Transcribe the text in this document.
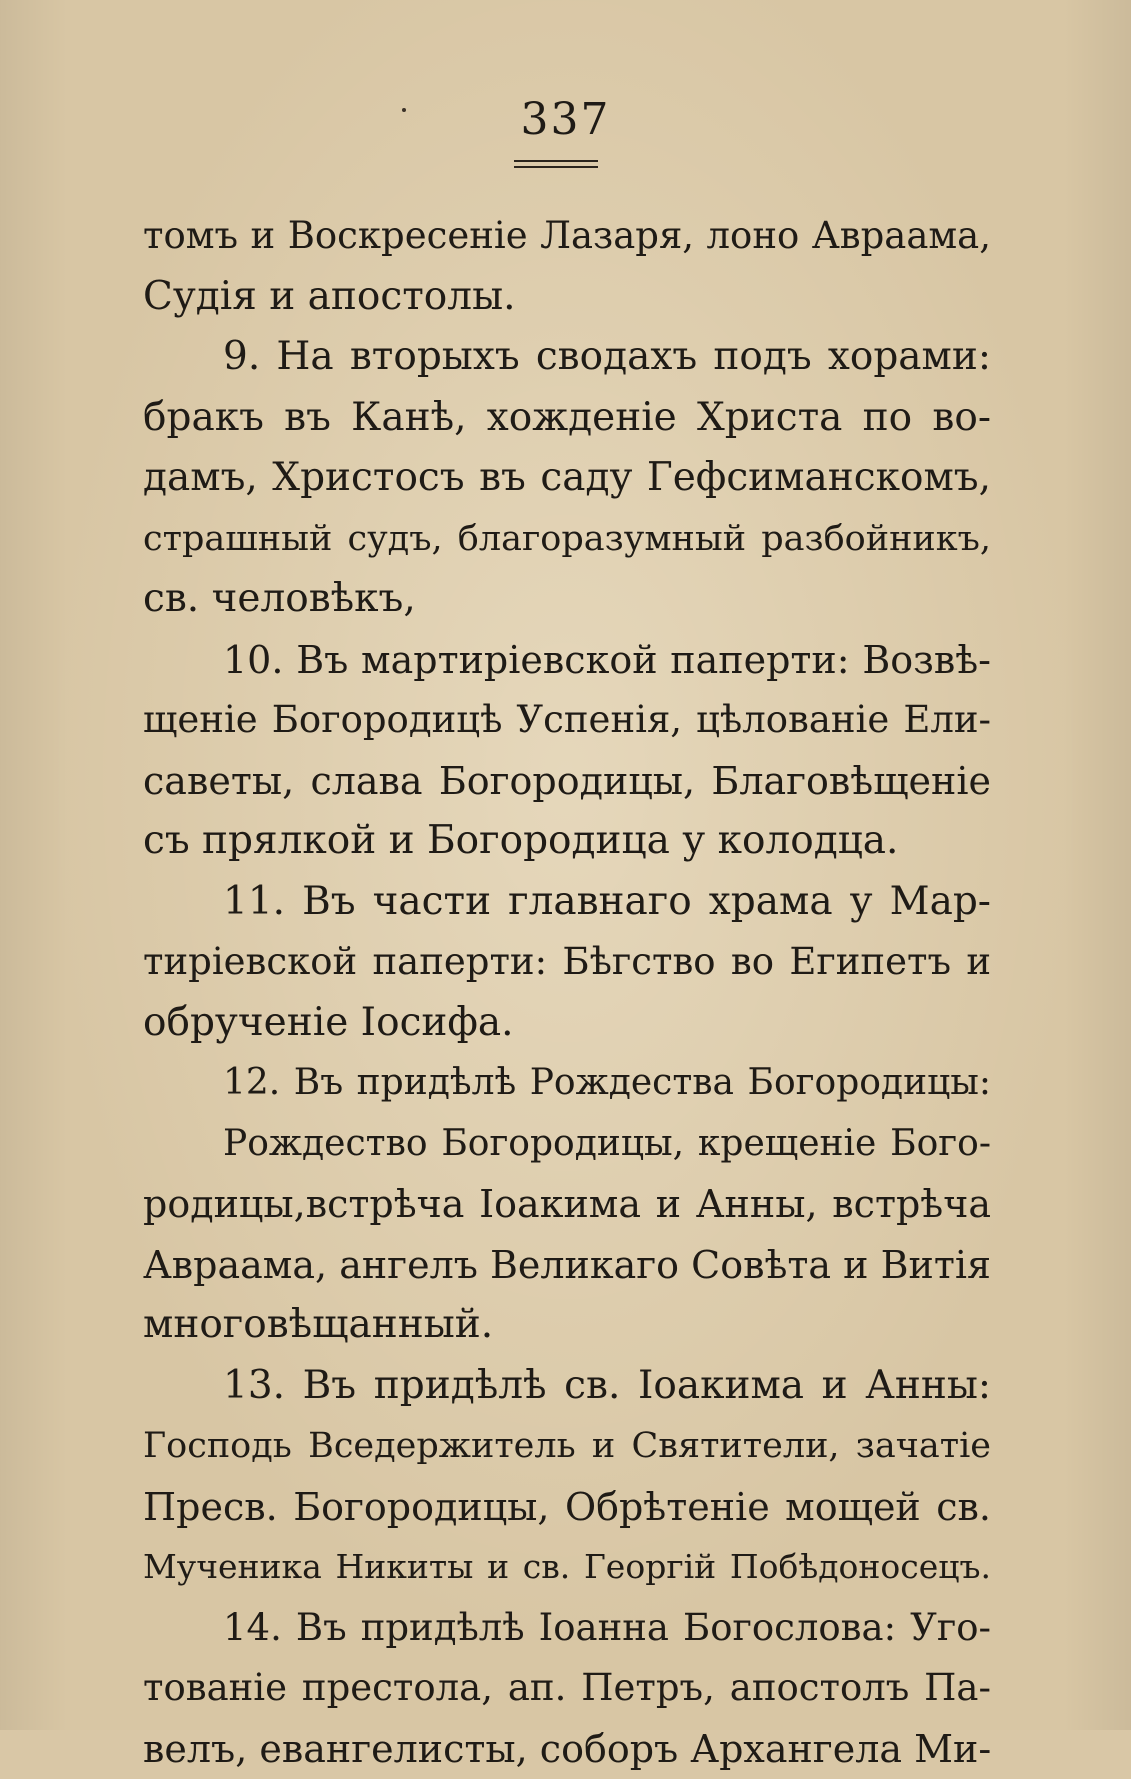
337
томъ и Воскресеніе Лазаря, лоно Авраама,
Судія и апостолы.
9. На вторыхъ сводахъ подъ хорами:
бракъ въ Канѣ, хожденіе Христа по во-
дамъ, Христосъ въ саду Гефсиманскомъ,
страшный судъ, благоразумный разбойникъ,
св. человѣкъ,
10. Въ мартиріевской паперти: Возвѣ-
щеніе Богородицѣ Успенія, цѣлованіе Ели-
саветы, слава Богородицы, Благовѣщеніе
съ прялкой и Богородица у колодца.
11. Въ части главнаго храма у Мар-
тиріевской паперти: Бѣгство во Египетъ и
обрученіе Іосифа.
12. Въ придѣлѣ Рождества Богородицы:
Рождество Богородицы, крещеніе Бого-
родицы,встрѣча Іоакима и Анны, встрѣча
Авраама, ангелъ Великаго Совѣта и Витія
многовѣщанный.
13. Въ придѣлѣ св. Іоакима и Анны:
Господь Вседержитель и Святители, зачатіе
Пресв. Богородицы, Обрѣтеніе мощей св.
Мученика Никиты и св. Георгій Побѣдоносецъ.
14. Въ придѣлѣ Іоанна Богослова: Уго-
тованіе престола, ап. Петръ, апостолъ Па-
велъ, евангелисты, соборъ Архангела Ми-
